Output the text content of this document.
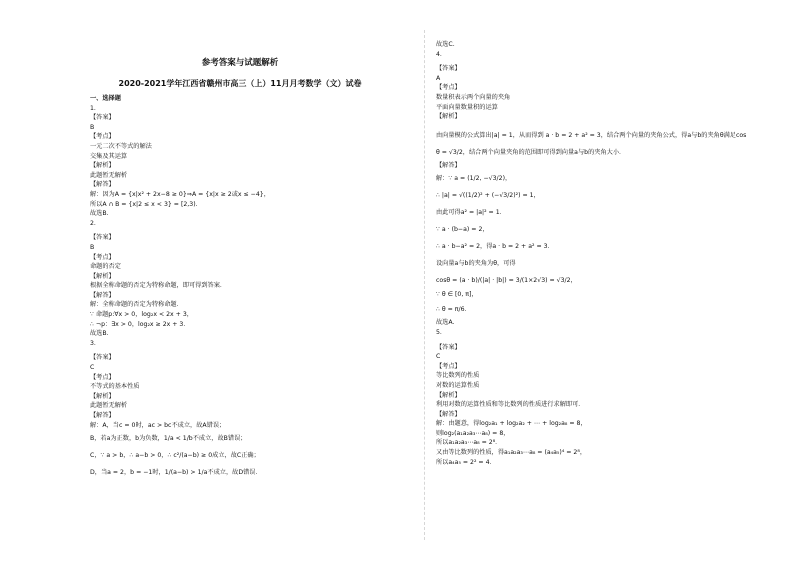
参考答案与试题解析
2020-2021学年江西省赣州市高三（上）11月月考数学（文）试卷
一、选择题
1.
【答案】
B
【考点】
一元二次不等式的解法
交集及其运算
【解析】
此题暂无解析
【解答】
解：因为A = {x|x² + 2x−8 ≥ 0}⇒A = {x|x ≥ 2或x ≤ −4}，
所以A ∩ B = {x|2 ≤ x < 3} = [2,3).
故选B.
2.
【答案】
B
【考点】
命题的否定
【解析】
根据全称命题的否定为特称命题，即可得到答案．
【解答】
解：全称命题的否定为特称命题．
∵ 命题p:∀x > 0，log₂x < 2x + 3，
∴ ¬p：∃x > 0，log₂x ≥ 2x + 3．
故选B.
3.
【答案】
C
【考点】
不等式的基本性质
【解析】
此题暂无解析
【解答】
解：A，当c = 0时，ac > bc不成立，故A错误；
B，若a为正数，b为负数，1/a < 1/b不成立，故B错误；
C，∵ a > b，∴ a−b > 0，∴ c²/(a−b) ≥ 0成立，故C正确；
D，当a = 2，b = −1时，1/(a−b) > 1/a不成立，故D错误．
故选C.
4.
【答案】
A
【考点】
数量积表示两个向量的夹角
平面向量数量积的运算
【解析】
由向量模的公式算出|a| = 1，从而得到 a · b = 2 + a² = 3，结合两个向量的夹角公式，得a与b的夹角θ满足cos
θ = √3/2，结合两个向量夹角的范围即可得到向量a与b的夹角大小．
【解答】
解：∵ a = (1/2, −√3/2)，
∴ |a| = √((1/2)² + (−√3/2)²) = 1，
由此可得a² = |a|² = 1．
∵ a · (b−a) = 2，
∴ a · b−a² = 2，得a · b = 2 + a² = 3．
设向量a与b的夹角为θ，可得
cosθ = (a · b)/(|a| · |b|) = 3/(1×2√3) = √3/2，
∵ θ ∈ [0, π]，
∴ θ = π/6．
故选A.
5.
【答案】
C
【考点】
等比数列的性质
对数的运算性质
【解析】
利用对数的运算性质和等比数列的性质进行求解即可．
【解答】
解：由题意，得log₂a₁ + log₂a₂ + ⋯ + log₂a₈ = 8，
则log₂(a₁a₂a₃⋯a₈) = 8，
所以a₁a₂a₃⋯a₈ = 2⁸．
又由等比数列的性质，得a₁a₂a₃⋯a₈ = (a₄a₅)⁴ = 2⁸，
所以a₄a₅ = 2² = 4．
